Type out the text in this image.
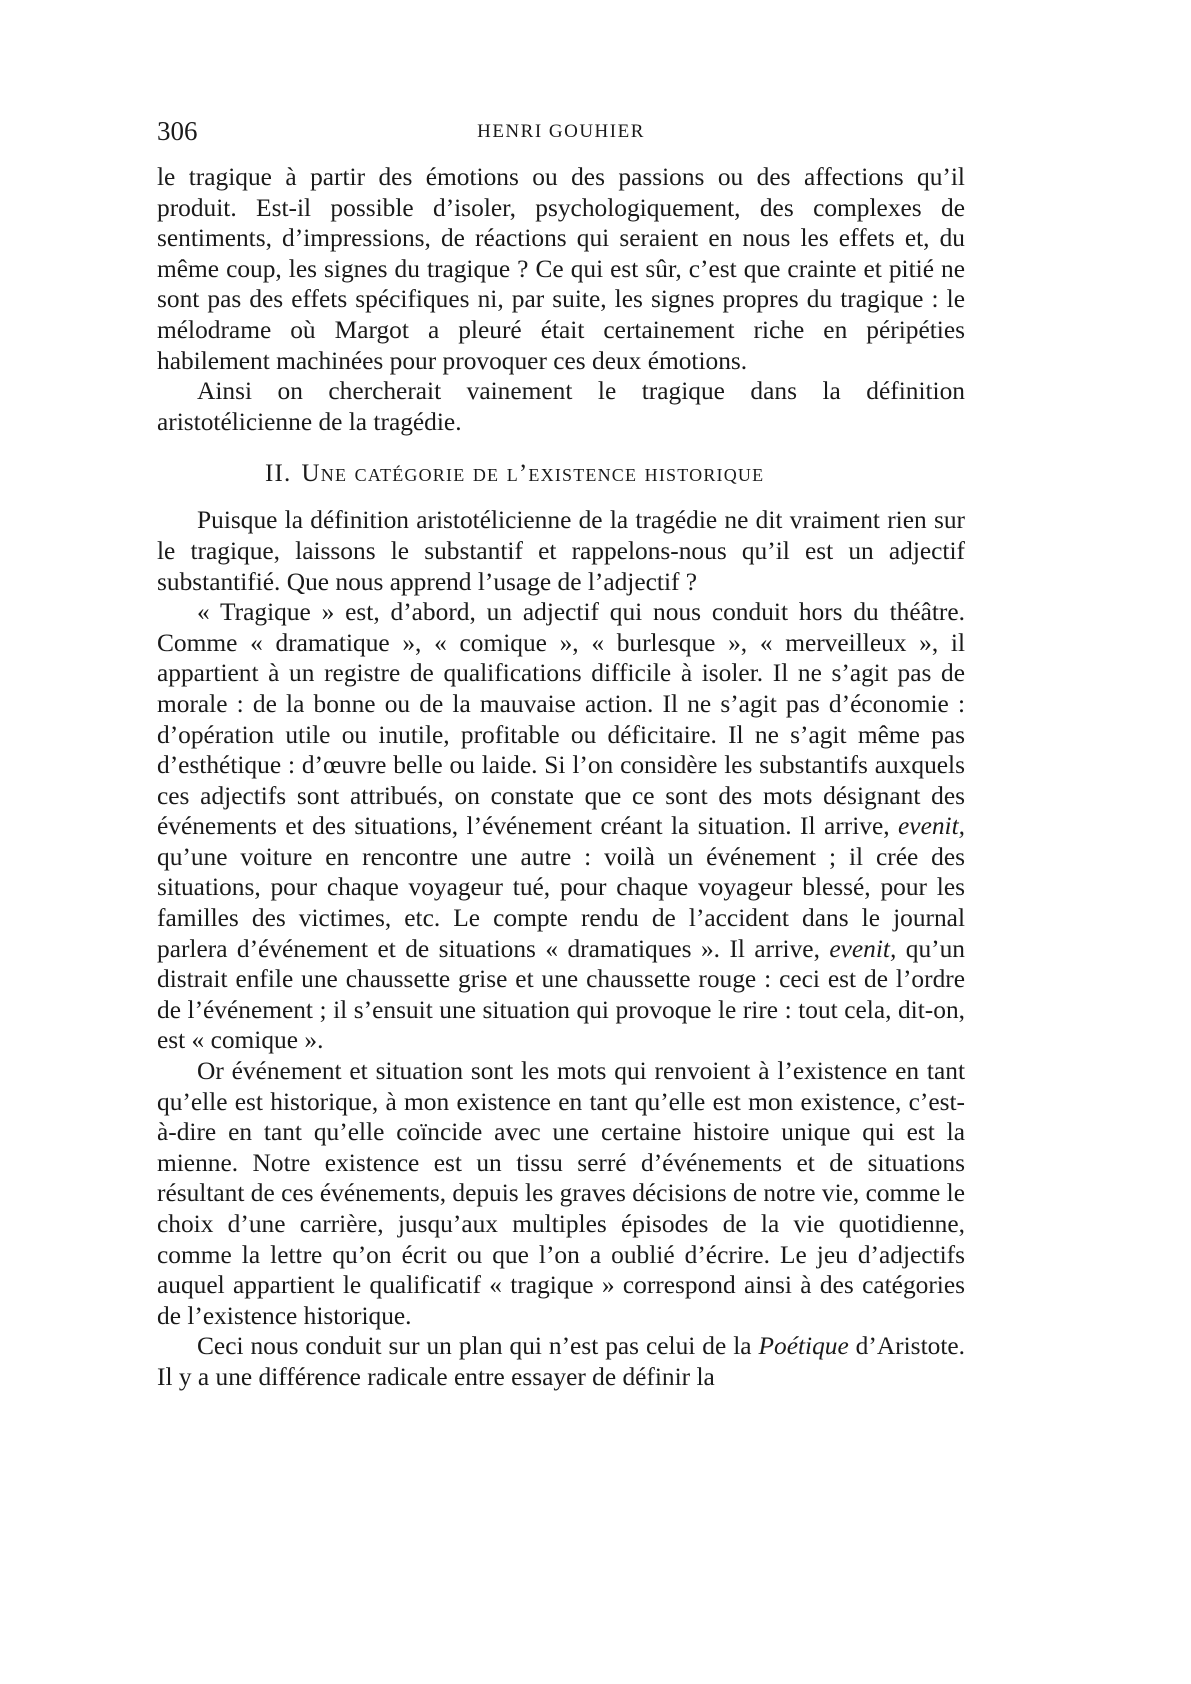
306	HENRI GOUHIER

le tragique à partir des émotions ou des passions ou des affections qu’il produit. Est-il possible d’isoler, psychologiquement, des complexes de sentiments, d’impressions, de réactions qui seraient en nous les effets et, du même coup, les signes du tragique ? Ce qui est sûr, c’est que crainte et pitié ne sont pas des effets spécifiques ni, par suite, les signes propres du tragique : le mélodrame où Margot a pleuré était certainement riche en péripéties habilement machinées pour provoquer ces deux émotions.

Ainsi on chercherait vainement le tragique dans la définition aristotélicienne de la tragédie.

II. Une catégorie de l’existence historique

Puisque la définition aristotélicienne de la tragédie ne dit vraiment rien sur le tragique, laissons le substantif et rappelons-nous qu’il est un adjectif substantifié. Que nous apprend l’usage de l’adjectif ?

« Tragique » est, d’abord, un adjectif qui nous conduit hors du théâtre. Comme « dramatique », « comique », « burlesque », « merveilleux », il appartient à un registre de qualifications difficile à isoler. Il ne s’agit pas de morale : de la bonne ou de la mauvaise action. Il ne s’agit pas d’économie : d’opération utile ou inutile, profitable ou déficitaire. Il ne s’agit même pas d’esthétique : d’œuvre belle ou laide. Si l’on considère les substantifs auxquels ces adjectifs sont attribués, on constate que ce sont des mots désignant des événements et des situations, l’événement créant la situation. Il arrive, evenit, qu’une voiture en rencontre une autre : voilà un événement ; il crée des situations, pour chaque voyageur tué, pour chaque voyageur blessé, pour les familles des victimes, etc. Le compte rendu de l’accident dans le journal parlera d’événement et de situations « dramatiques ». Il arrive, evenit, qu’un distrait enfile une chaussette grise et une chaussette rouge : ceci est de l’ordre de l’événement ; il s’ensuit une situation qui provoque le rire : tout cela, dit-on, est « comique ».

Or événement et situation sont les mots qui renvoient à l’existence en tant qu’elle est historique, à mon existence en tant qu’elle est mon existence, c’est-à-dire en tant qu’elle coïncide avec une certaine histoire unique qui est la mienne. Notre existence est un tissu serré d’événements et de situations résultant de ces événements, depuis les graves décisions de notre vie, comme le choix d’une carrière, jusqu’aux multiples épisodes de la vie quotidienne, comme la lettre qu’on écrit ou que l’on a oublié d’écrire. Le jeu d’adjectifs auquel appartient le qualificatif « tragique » correspond ainsi à des catégories de l’existence historique.

Ceci nous conduit sur un plan qui n’est pas celui de la Poétique d’Aristote. Il y a une différence radicale entre essayer de définir la
